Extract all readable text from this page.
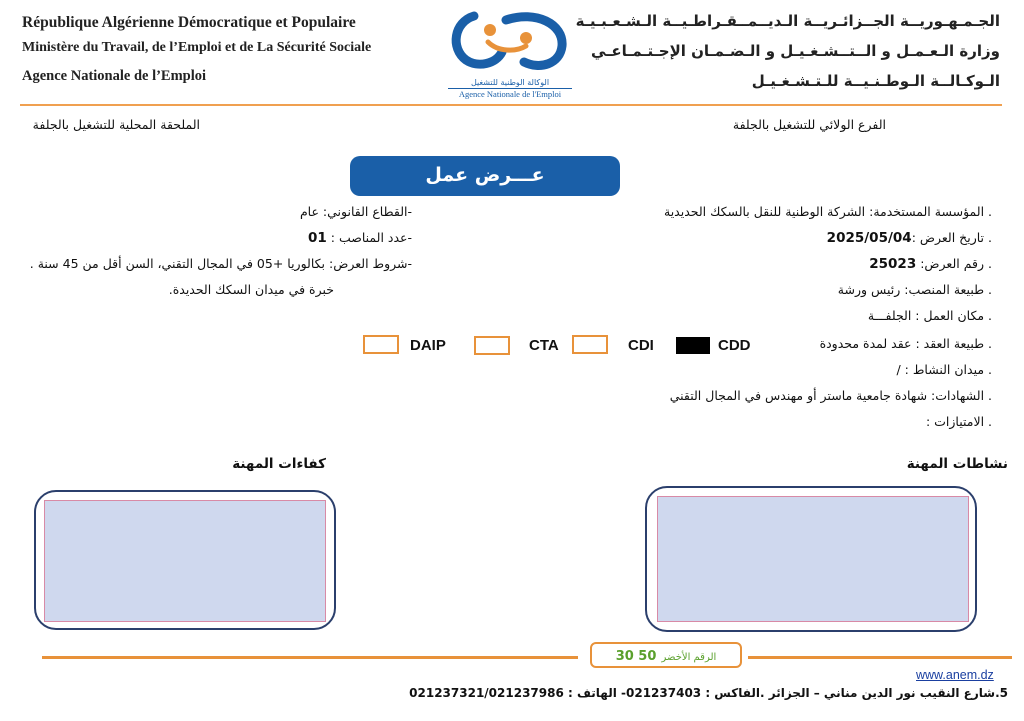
République Algérienne Démocratique et Populaire
Ministère du Travail, de l’Emploi et de La Sécurité Sociale
Agence Nationale de l’Emploi
الجـمـهـوريــة الجــزائـريــة الـديــمــقـراطـيــة الـشـعـبـيـة
وزارة الـعـمـل و الــتــشـغـيـل و الـضـمـان الإجـتـمـاعـي
الـوكـالــة الـوطـنـيــة للـتـشـغـيـل
الوكالة الوطنية للتشغيل
Agence Nationale de l'Emploi
الفرع الولائي للتشغيل بالجلفة
الملحقة المحلية للتشغيل بالجلفة
عـــرض عمل
. المؤسسة المستخدمة: الشركة الوطنية للنقل بالسكك الحديدية
. تاريخ العرض :2025/05/04
. رقم العرض: 25023
. طبيعة المنصب: رئيس ورشة
. مكان العمل : الجلفـــة
. طبيعة العقد : عقد لمدة محدودة
. ميدان النشاط : /
. الشهادات: شهادة جامعية ماستر أو مهندس في المجال التقني
. الامتيازات :
-القطاع القانوني: عام
-عدد المناصب : 01
-شروط العرض: بكالوريا +05 في المجال التقني، السن أقل من 45 سنة .
خبرة في ميدان السكك الحديدة.
CDD
CDI
CTA
DAIP
نشاطات المهنة
كفاءات المهنة
30 50 الرقم الأخضر
www.anem.dz
5.شارع النقيب نور الدين مناني – الجزائر .الفاكس : 021237403- الهاتف : 021237321/021237986
